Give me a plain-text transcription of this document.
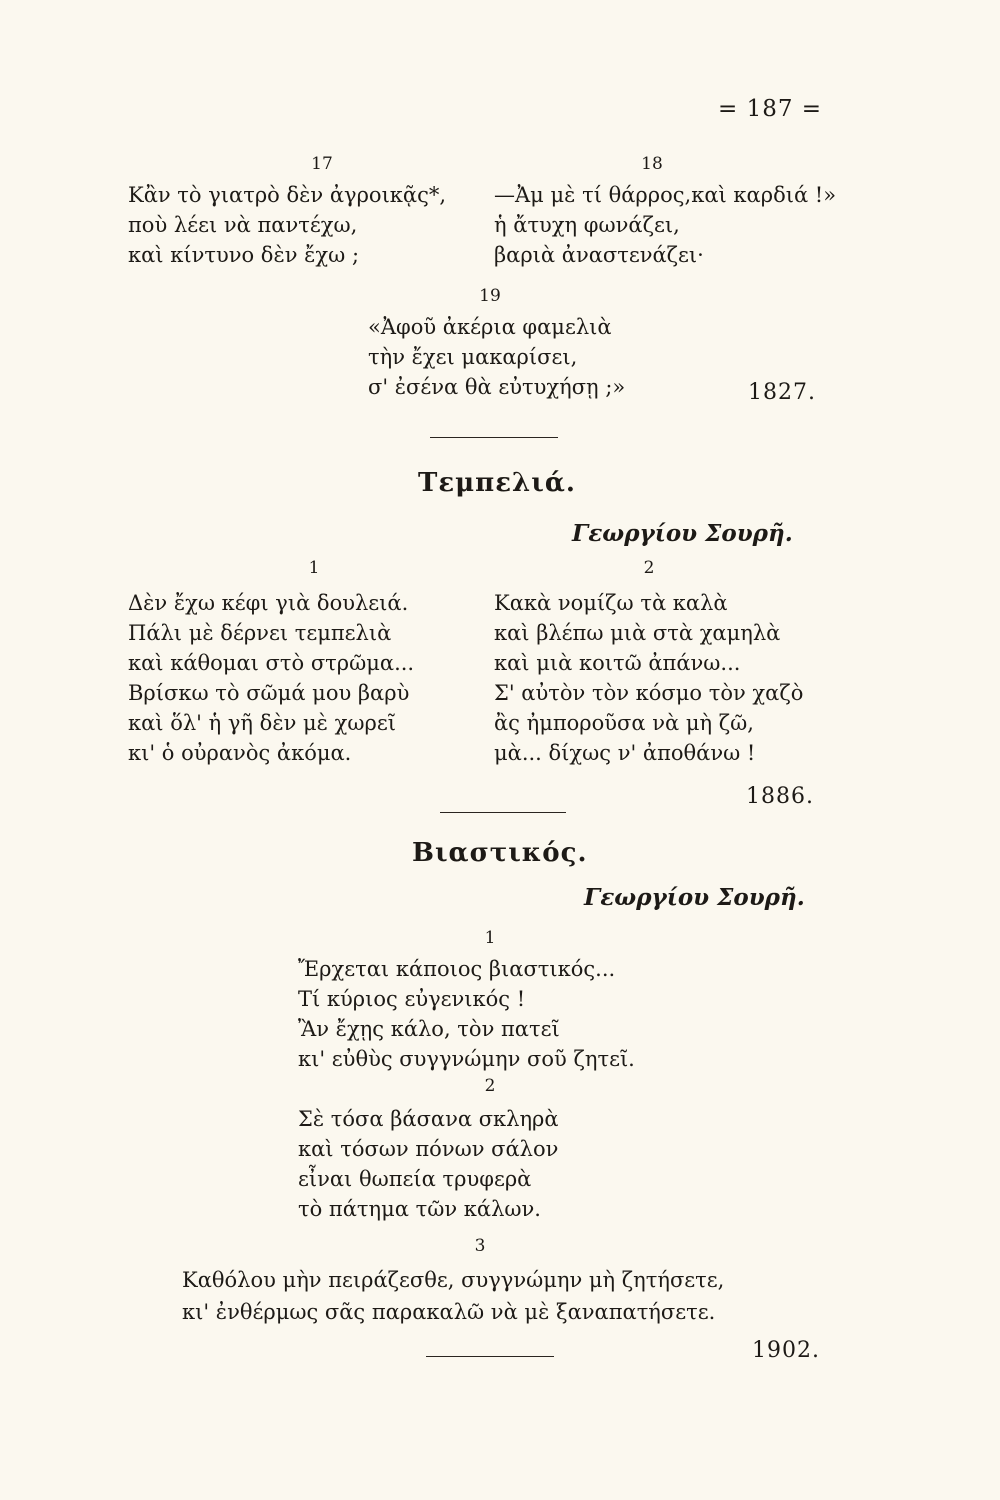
= 187 =
17	18
Κἂν τὸ γιατρὸ δὲν ἀγροικᾷς*,
ποὺ λέει νὰ παντέχω,
καὶ κίντυνο δὲν ἔχω ;
—Ἀμ μὲ τί θάρρος,καὶ καρδιά !»
ἡ ἄτυχη φωνάζει,
βαριὰ ἀναστενάζει·
19
«Ἀφοῦ ἀκέρια φαμελιὰ
τὴν ἔχει μακαρίσει,
σ' ἐσένα θὰ εὐτυχήσῃ ;»	1827.
Τεμπελιά.
Γεωργίου Σουρῆ.
1	2
Δὲν ἔχω κέφι γιὰ δουλειά.
Πάλι μὲ δέρνει τεμπελιὰ
καὶ κάθομαι στὸ στρῶμα...
Βρίσκω τὸ σῶμά μου βαρὺ
καὶ ὅλ' ἡ γῆ δὲν μὲ χωρεῖ
κι' ὁ οὐρανὸς ἀκόμα.
Κακὰ νομίζω τὰ καλὰ
καὶ βλέπω μιὰ στὰ χαμηλὰ
καὶ μιὰ κοιτῶ ἀπάνω...
Σ' αὐτὸν τὸν κόσμο τὸν χαζὸ
ἂς ἠμποροῦσα νὰ μὴ ζῶ,
μὰ... δίχως ν' ἀποθάνω !
1886.
Βιαστικός.
Γεωργίου Σουρῆ.
1
Ἔρχεται κάποιος βιαστικός...
Τί κύριος εὐγενικός !
Ἂν ἔχῃς κάλο, τὸν πατεῖ
κι' εὐθὺς συγγνώμην σοῦ ζητεῖ.
2
Σὲ τόσα βάσανα σκληρὰ
καὶ τόσων πόνων σάλον
εἶναι θωπεία τρυφερὰ
τὸ πάτημα τῶν κάλων.
3
Καθόλου μὴν πειράζεσθε, συγγνώμην μὴ ζητήσετε,
κι' ἐνθέρμως σᾶς παρακαλῶ νὰ μὲ ξαναπατήσετε.
1902.
